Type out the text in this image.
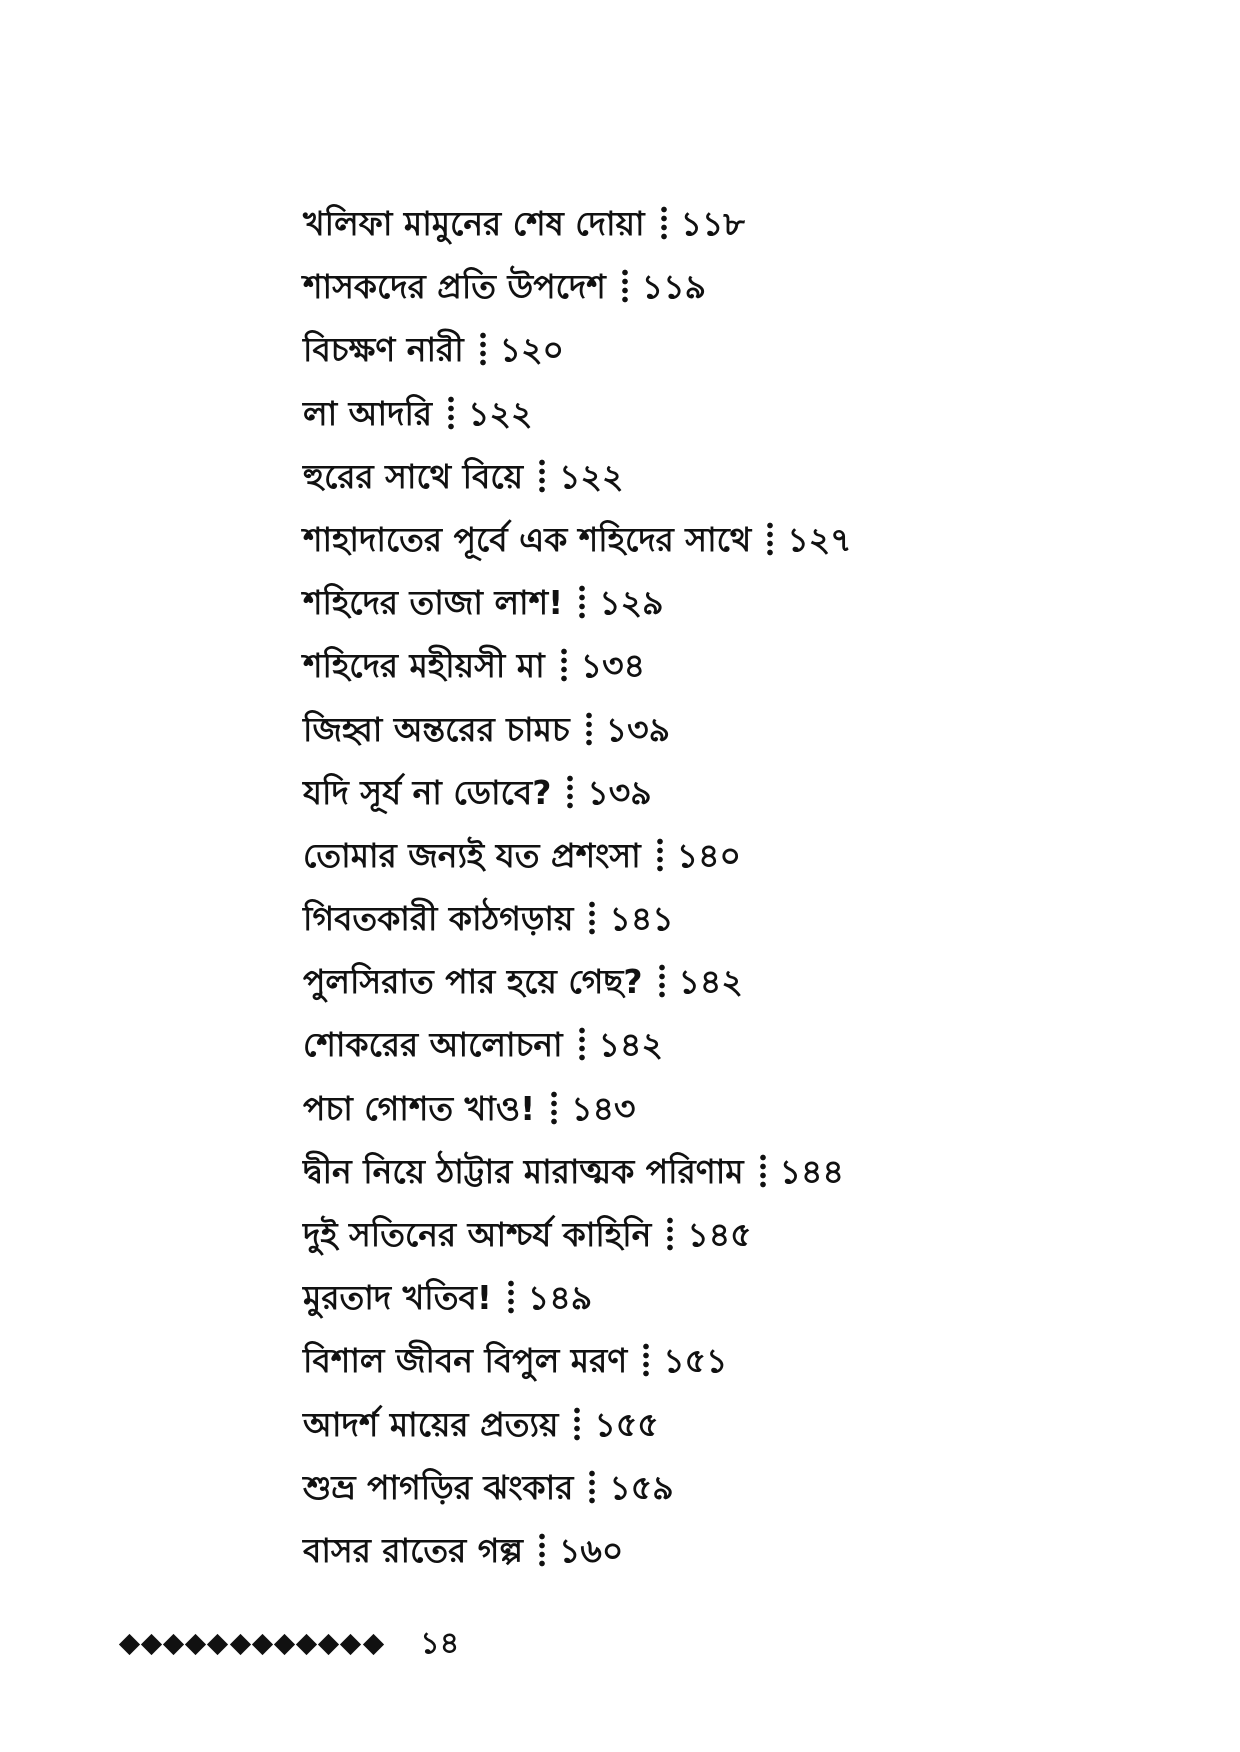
খলিফা মামুনের শেষ দোয়া ১১৮
শাসকদের প্রতি উপদেশ ১১৯
বিচক্ষণ নারী ১২০
লা আদরি ১২২
হুরের সাথে বিয়ে ১২২
শাহাদাতের পূর্বে এক শহিদের সাথে ১২৭
শহিদের তাজা লাশ! ১২৯
শহিদের মহীয়সী মা ১৩৪
জিহ্বা অন্তরের চামচ ১৩৯
যদি সূর্য না ডোবে? ১৩৯
তোমার জন্যই যত প্রশংসা ১৪০
গিবতকারী কাঠগড়ায় ১৪১
পুলসিরাত পার হয়ে গেছ? ১৪২
শোকরের আলোচনা ১৪২
পচা গোশত খাও! ১৪৩
দ্বীন নিয়ে ঠাট্টার মারাত্মক পরিণাম ১৪৪
দুই সতিনের আশ্চর্য কাহিনি ১৪৫
মুরতাদ খতিব! ১৪৯
বিশাল জীবন বিপুল মরণ ১৫১
আদর্শ মায়ের প্রত্যয় ১৫৫
শুভ্র পাগড়ির ঝংকার ১৫৯
বাসর রাতের গল্প ১৬০
১৪
